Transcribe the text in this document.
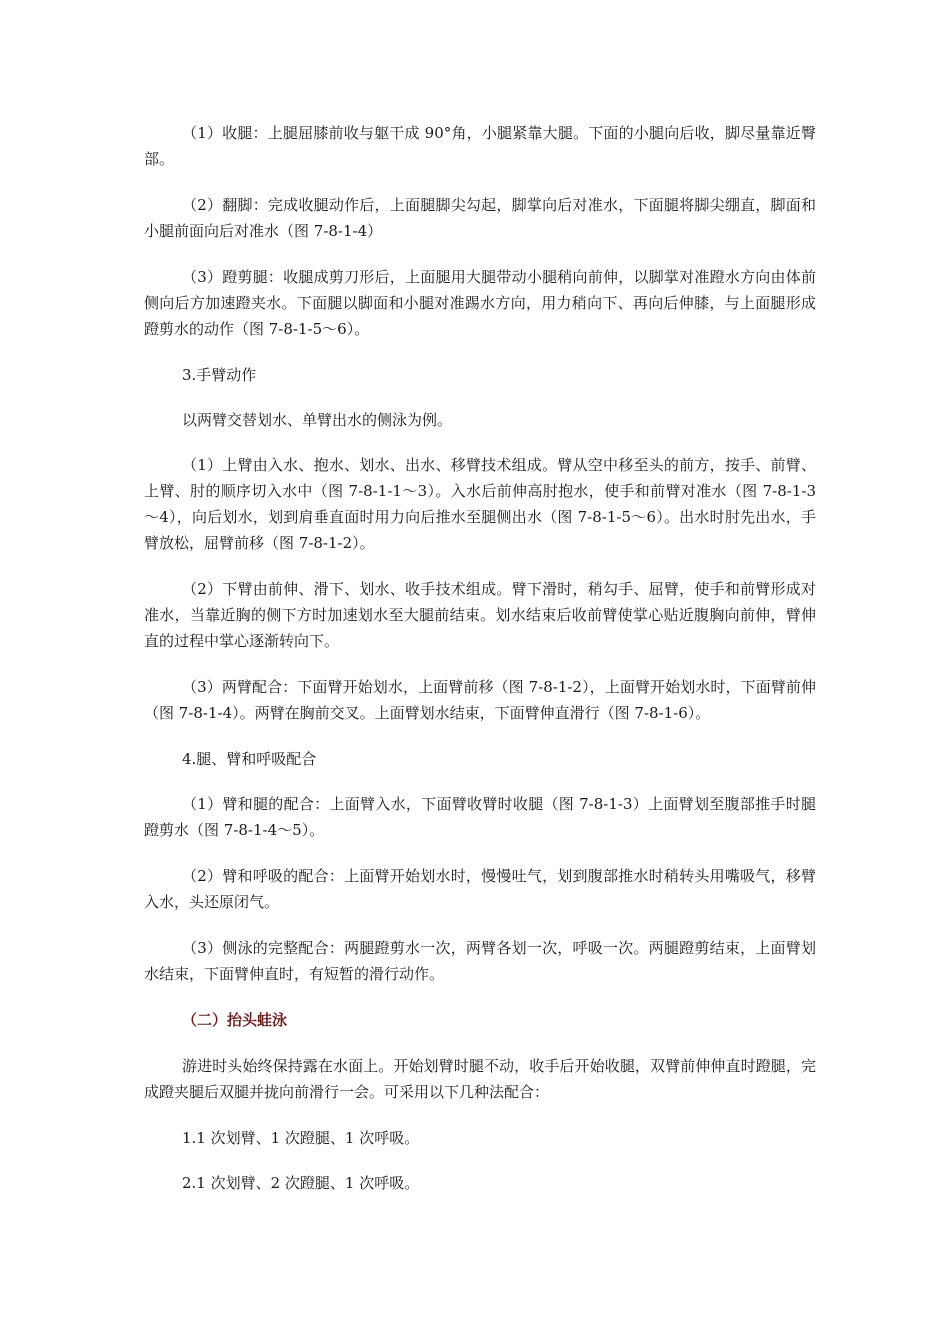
（1）收腿：上腿屈膝前收与躯干成 90°角，小腿紧靠大腿。下面的小腿向后收，脚尽量靠近臀部。

（2）翻脚：完成收腿动作后，上面腿脚尖勾起，脚掌向后对准水，下面腿将脚尖绷直，脚面和小腿前面向后对准水（图 7-8-1-4）

（3）蹬剪腿：收腿成剪刀形后，上面腿用大腿带动小腿稍向前伸，以脚掌对准蹬水方向由体前侧向后方加速蹬夹水。下面腿以脚面和小腿对准踢水方向，用力稍向下、再向后伸膝，与上面腿形成蹬剪水的动作（图 7-8-1-5～6）。

3.手臂动作

以两臂交替划水、单臂出水的侧泳为例。

（1）上臂由入水、抱水、划水、出水、移臂技术组成。臂从空中移至头的前方，按手、前臂、上臂、肘的顺序切入水中（图 7-8-1-1～3）。入水后前伸高肘抱水，使手和前臂对准水（图 7-8-1-3～4），向后划水，划到肩垂直面时用力向后推水至腿侧出水（图 7-8-1-5～6）。出水时肘先出水，手臂放松，屈臂前移（图 7-8-1-2）。

（2）下臂由前伸、滑下、划水、收手技术组成。臂下滑时，稍勾手、屈臂，使手和前臂形成对准水，当靠近胸的侧下方时加速划水至大腿前结束。划水结束后收前臂使掌心贴近腹胸向前伸，臂伸直的过程中掌心逐渐转向下。

（3）两臂配合：下面臂开始划水，上面臂前移（图 7-8-1-2），上面臂开始划水时，下面臂前伸（图 7-8-1-4）。两臂在胸前交叉。上面臂划水结束，下面臂伸直滑行（图 7-8-1-6）。

4.腿、臂和呼吸配合

（1）臂和腿的配合：上面臂入水，下面臂收臂时收腿（图 7-8-1-3）上面臂划至腹部推手时腿蹬剪水（图 7-8-1-4～5）。

（2）臂和呼吸的配合：上面臂开始划水时，慢慢吐气，划到腹部推水时稍转头用嘴吸气，移臂入水，头还原闭气。

（3）侧泳的完整配合：两腿蹬剪水一次，两臂各划一次，呼吸一次。两腿蹬剪结束，上面臂划水结束，下面臂伸直时，有短暂的滑行动作。

（二）抬头蛙泳

游进时头始终保持露在水面上。开始划臂时腿不动，收手后开始收腿，双臂前伸伸直时蹬腿，完成蹬夹腿后双腿并拢向前滑行一会。可采用以下几种法配合：

1.1 次划臂、1 次蹬腿、1 次呼吸。

2.1 次划臂、2 次蹬腿、1 次呼吸。
